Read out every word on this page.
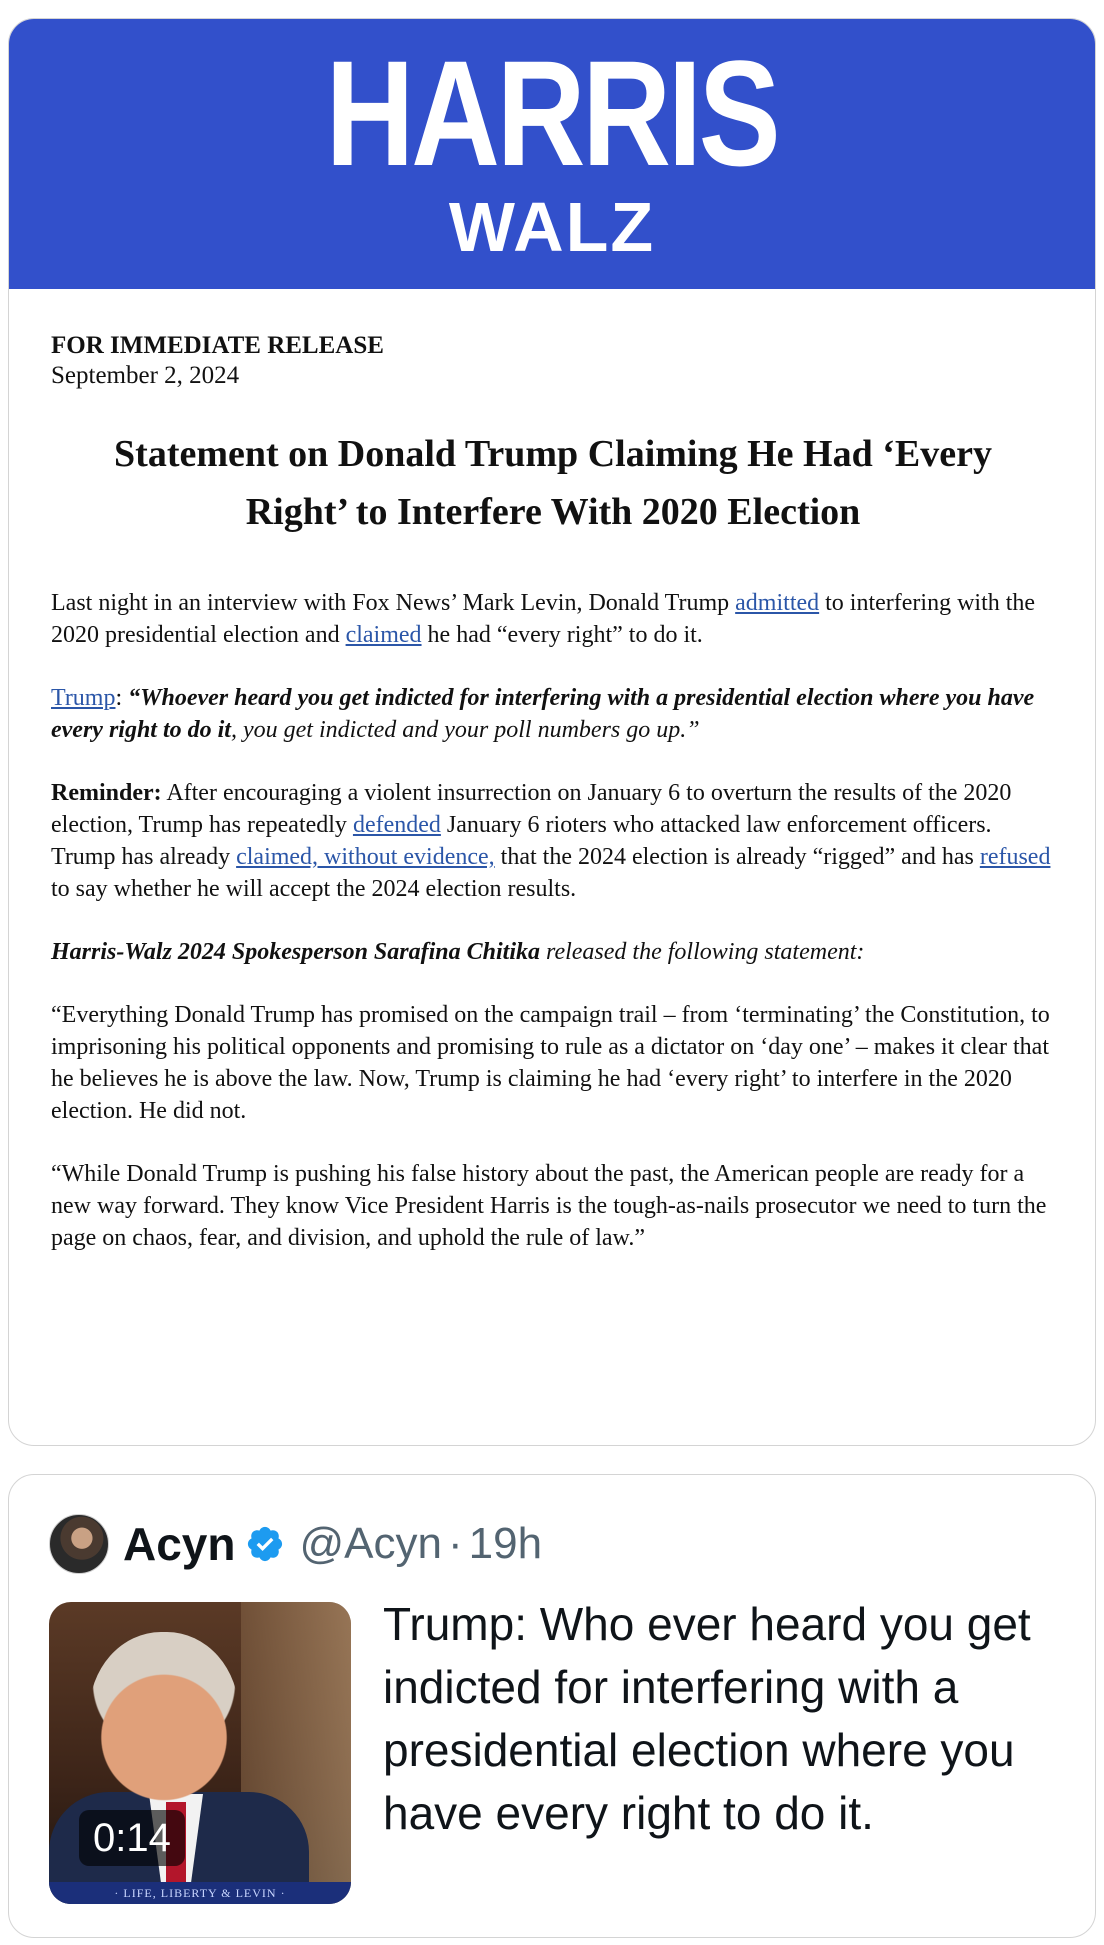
HARRIS
WALZ
FOR IMMEDIATE RELEASE
September 2, 2024
Statement on Donald Trump Claiming He Had ‘Every Right’ to Interfere With 2020 Election

Last night in an interview with Fox News’ Mark Levin, Donald Trump admitted to interfering with the 2020 presidential election and claimed he had “every right” to do it.

Trump: “Whoever heard you get indicted for interfering with a presidential election where you have every right to do it, you get indicted and your poll numbers go up.”

Reminder: After encouraging a violent insurrection on January 6 to overturn the results of the 2020 election, Trump has repeatedly defended January 6 rioters who attacked law enforcement officers. Trump has already claimed, without evidence, that the 2024 election is already “rigged” and has refused to say whether he will accept the 2024 election results.

Harris-Walz 2024 Spokesperson Sarafina Chitika released the following statement:

“Everything Donald Trump has promised on the campaign trail – from ‘terminating’ the Constitution, to imprisoning his political opponents and promising to rule as a dictator on ‘day one’ – makes it clear that he believes he is above the law. Now, Trump is claiming he had ‘every right’ to interfere in the 2020 election. He did not.

“While Donald Trump is pushing his false history about the past, the American people are ready for a new way forward. They know Vice President Harris is the tough-as-nails prosecutor we need to turn the page on chaos, fear, and division, and uphold the rule of law.”

Acyn @Acyn · 19h
· LIFE, LIBERTY & LEVIN ·
0:14
Trump: Who ever heard you get indicted for interfering with a presidential election where you have every right to do it.
